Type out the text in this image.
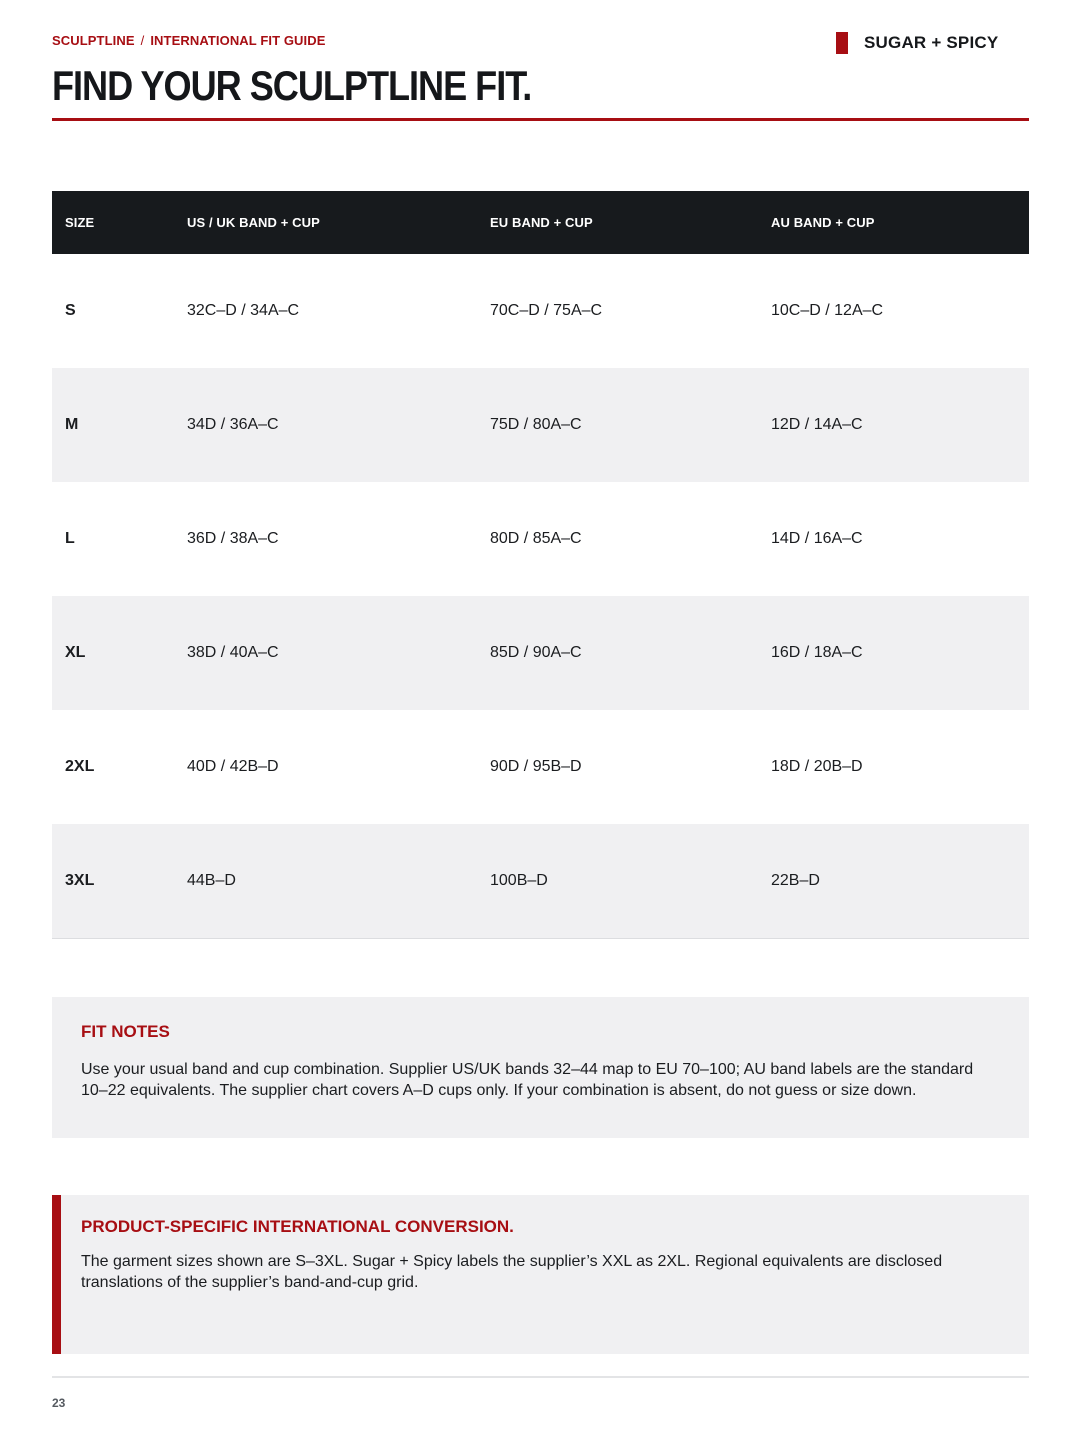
SCULPTLINE / INTERNATIONAL FIT GUIDE	SUGAR + SPICY
FIND YOUR SCULPTLINE FIT.
SIZE	US / UK BAND + CUP	EU BAND + CUP	AU BAND + CUP
S	32C–D / 34A–C	70C–D / 75A–C	10C–D / 12A–C
M	34D / 36A–C	75D / 80A–C	12D / 14A–C
L	36D / 38A–C	80D / 85A–C	14D / 16A–C
XL	38D / 40A–C	85D / 90A–C	16D / 18A–C
2XL	40D / 42B–D	90D / 95B–D	18D / 20B–D
3XL	44B–D	100B–D	22B–D
FIT NOTES

Use your usual band and cup combination. Supplier US/UK bands 32–44 map to EU 70–100; AU band labels are the standard 10–22 equivalents. The supplier chart covers A–D cups only. If your combination is absent, do not guess or size down.

PRODUCT-SPECIFIC INTERNATIONAL CONVERSION.

The garment sizes shown are S–3XL. Sugar + Spicy labels the supplier’s XXL as 2XL. Regional equivalents are disclosed translations of the supplier’s band-and-cup grid.

23
